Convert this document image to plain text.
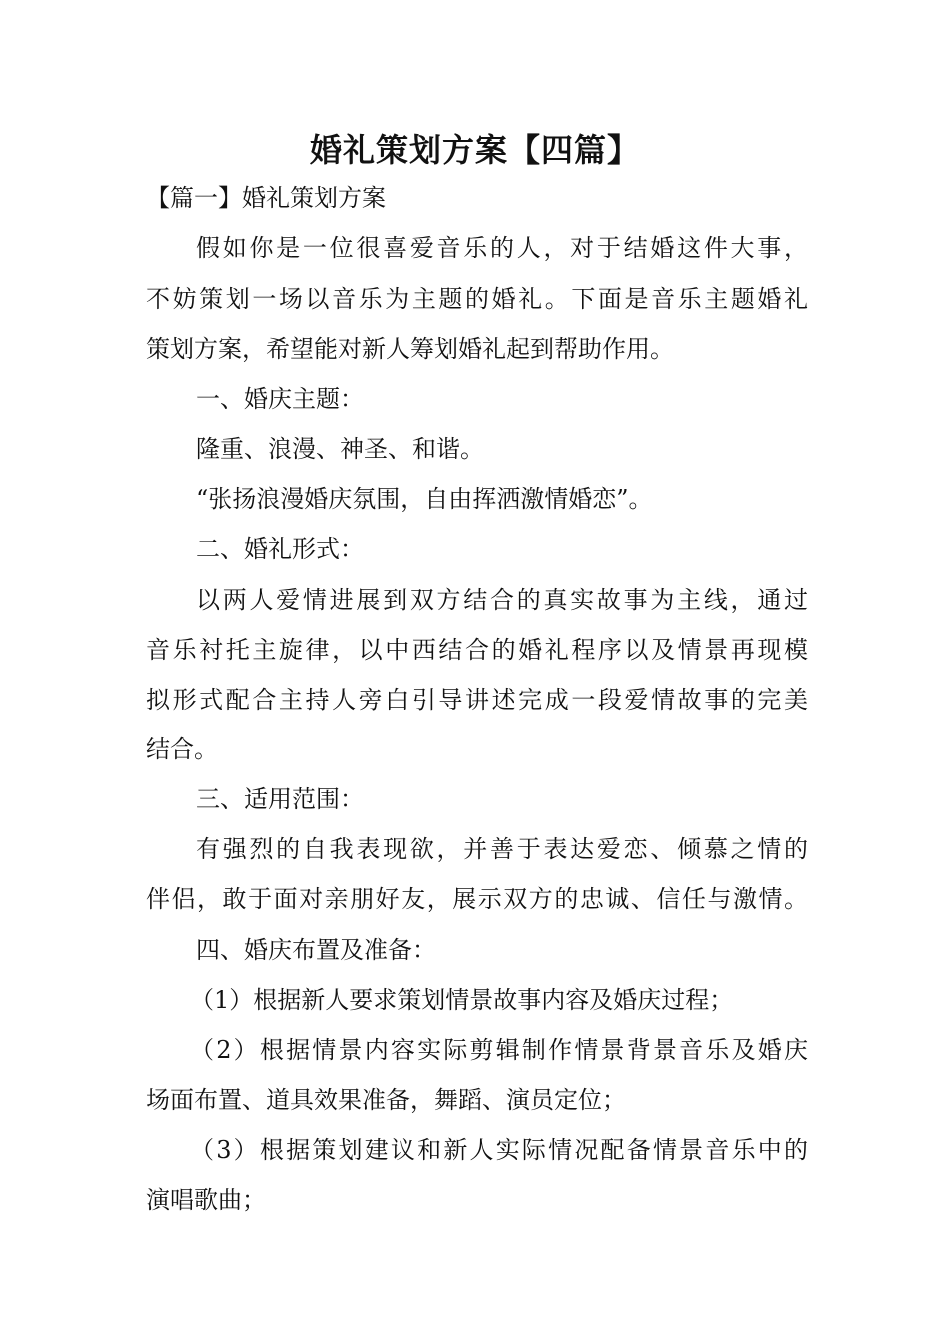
婚礼策划方案【四篇】
【篇一】婚礼策划方案
假如你是一位很喜爱音乐的人，对于结婚这件大事，
不妨策划一场以音乐为主题的婚礼。下面是音乐主题婚礼
策划方案，希望能对新人筹划婚礼起到帮助作用。
一、婚庆主题：
隆重、浪漫、神圣、和谐。
“张扬浪漫婚庆氛围，自由挥洒激情婚恋”。
二、婚礼形式：
以两人爱情进展到双方结合的真实故事为主线，通过
音乐衬托主旋律，以中西结合的婚礼程序以及情景再现模
拟形式配合主持人旁白引导讲述完成一段爱情故事的完美
结合。
三、适用范围：
有强烈的自我表现欲，并善于表达爱恋、倾慕之情的
伴侣，敢于面对亲朋好友，展示双方的忠诚、信任与激情。
四、婚庆布置及准备：
（1）根据新人要求策划情景故事内容及婚庆过程；
（2）根据情景内容实际剪辑制作情景背景音乐及婚庆
场面布置、道具效果准备，舞蹈、演员定位；
（3）根据策划建议和新人实际情况配备情景音乐中的
演唱歌曲；
